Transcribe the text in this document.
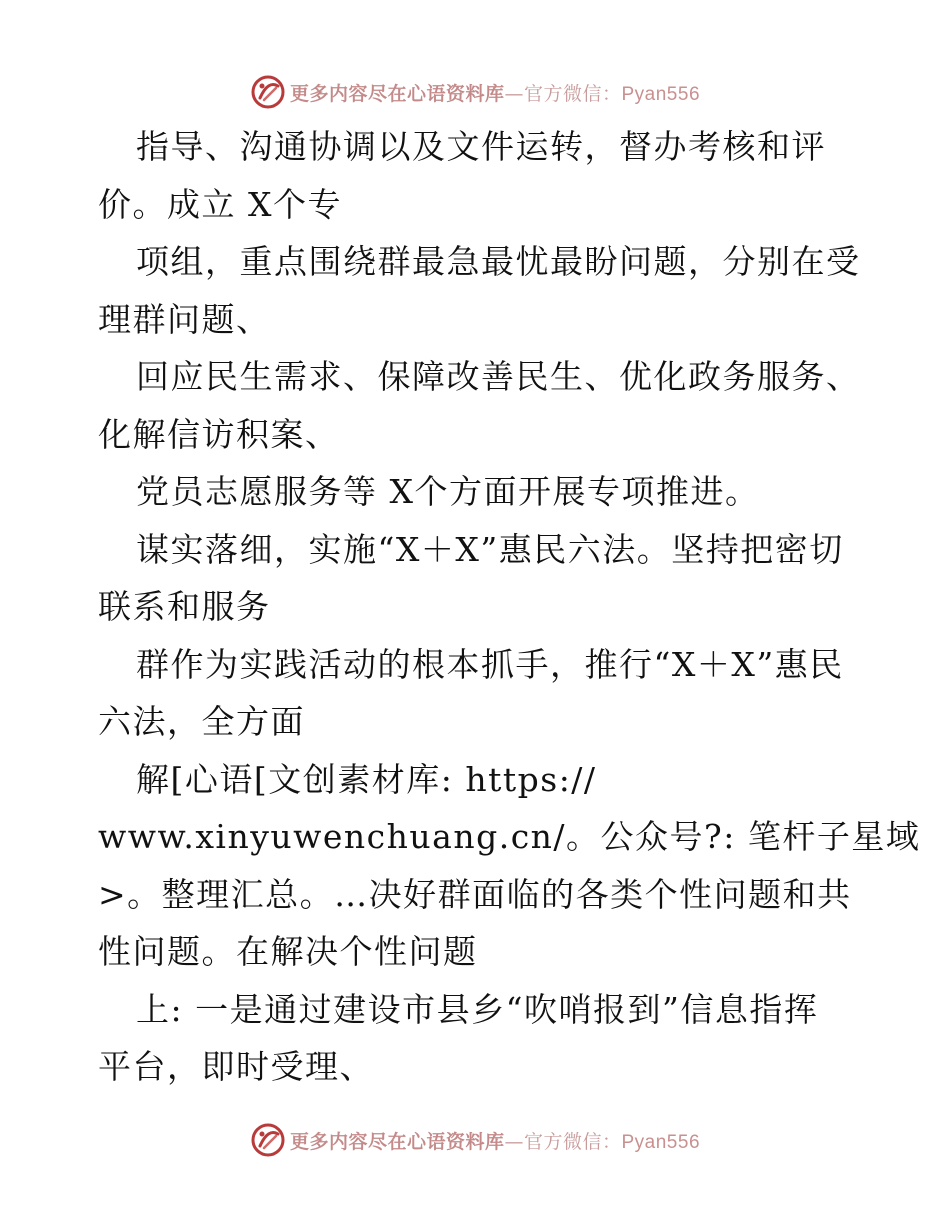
更多内容尽在心语资料库—官方微信：Pyan556
指导、沟通协调以及文件运转，督办考核和评
价。成立 X个专
项组，重点围绕群最急最忧最盼问题，分别在受
理群问题、
回应民生需求、保障改善民生、优化政务服务、
化解信访积案、
党员志愿服务等 X个方面开展专项推进。
谋实落细，实施“X＋X”惠民六法。坚持把密切
联系和服务
群作为实践活动的根本抓手，推行“X＋X”惠民
六法，全方面
解[心语[文创素材库: https://
www.xinyuwenchuang.cn/。公众号?: 笔杆子星域
>。整理汇总。…决好群面临的各类个性问题和共
性问题。在解决个性问题
上: 一是通过建设市县乡“吹哨报到”信息指挥
平台，即时受理、
更多内容尽在心语资料库—官方微信：Pyan556
